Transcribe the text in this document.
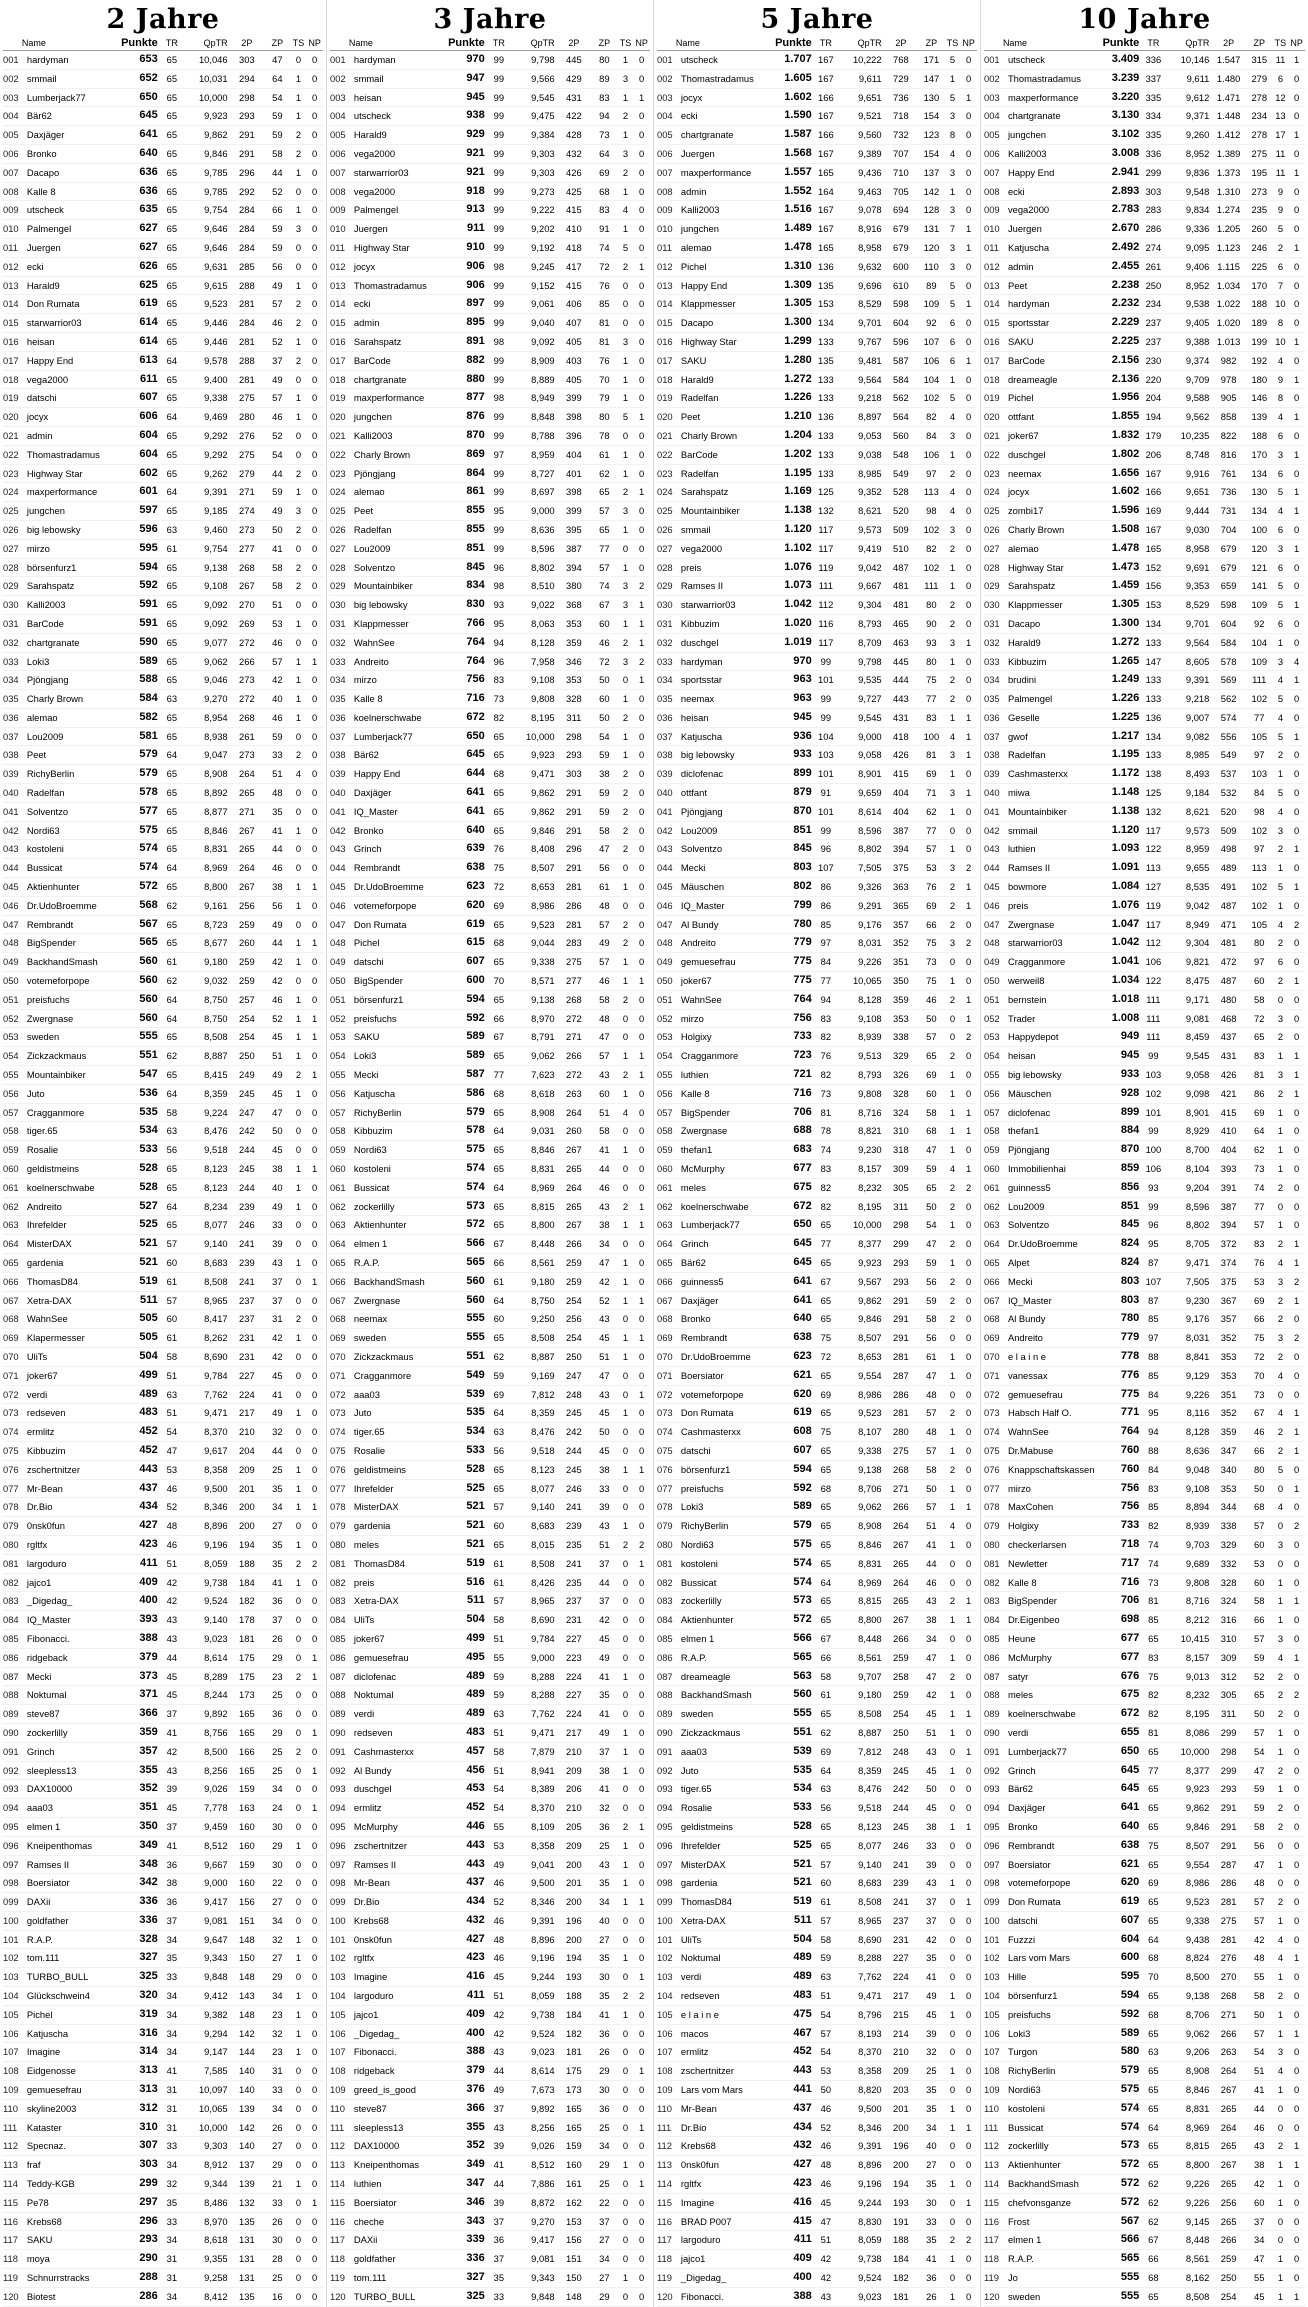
2 Jahre
	Name	Punkte	TR	QpTR	2P	ZP	TS	NP
001	hardyman	653	65	10,046	303	47	0	0
002	smmail	652	65	10,031	294	64	1	0
003	Lumberjack77	650	65	10,000	298	54	1	0
004	Bär62	645	65	9,923	293	59	1	0
005	Daxjäger	641	65	9,862	291	59	2	0
006	Bronko	640	65	9,846	291	58	2	0
007	Dacapo	636	65	9,785	296	44	1	0
008	Kalle 8	636	65	9,785	292	52	0	0
009	utscheck	635	65	9,754	284	66	1	0
010	Palmengel	627	65	9,646	284	59	3	0
011	Juergen	627	65	9,646	284	59	0	0
012	ecki	626	65	9,631	285	56	0	0
013	Harald9	625	65	9,615	288	49	1	0
014	Don Rumata	619	65	9,523	281	57	2	0
015	starwarrior03	614	65	9,446	284	46	2	0
016	heisan	614	65	9,446	281	52	1	0
017	Happy End	613	64	9,578	288	37	2	0
018	vega2000	611	65	9,400	281	49	0	0
019	datschi	607	65	9,338	275	57	1	0
020	jocyx	606	64	9,469	280	46	1	0
021	admin	604	65	9,292	276	52	0	0
022	Thomastradamus	604	65	9,292	275	54	0	0
023	Highway Star	602	65	9,262	279	44	2	0
024	maxperformance	601	64	9,391	271	59	1	0
025	jungchen	597	65	9,185	274	49	3	0
026	big lebowsky	596	63	9,460	273	50	2	0
027	mirzo	595	61	9,754	277	41	0	0
028	börsenfurz1	594	65	9,138	268	58	2	0
029	Sarahspatz	592	65	9,108	267	58	2	0
030	Kalli2003	591	65	9,092	270	51	0	0
031	BarCode	591	65	9,092	269	53	1	0
032	chartgranate	590	65	9,077	272	46	0	0
033	Loki3	589	65	9,062	266	57	1	1
034	Pjöngjang	588	65	9,046	273	42	1	0
035	Charly Brown	584	63	9,270	272	40	1	0
036	alemao	582	65	8,954	268	46	1	0
037	Lou2009	581	65	8,938	261	59	0	0
038	Peet	579	64	9,047	273	33	2	0
039	RichyBerlin	579	65	8,908	264	51	4	0
040	Radelfan	578	65	8,892	265	48	0	0
041	Solventzo	577	65	8,877	271	35	0	0
042	Nordi63	575	65	8,846	267	41	1	0
043	kostoleni	574	65	8,831	265	44	0	0
044	Bussicat	574	64	8,969	264	46	0	0
045	Aktienhunter	572	65	8,800	267	38	1	1
046	Dr.UdoBroemme	568	62	9,161	256	56	1	0
047	Rembrandt	567	65	8,723	259	49	0	0
048	BigSpender	565	65	8,677	260	44	1	1
049	BackhandSmash	560	61	9,180	259	42	1	0
050	votemeforpope	560	62	9,032	259	42	0	0
051	preisfuchs	560	64	8,750	257	46	1	0
052	Zwergnase	560	64	8,750	254	52	1	1
053	sweden	555	65	8,508	254	45	1	1
054	Zickzackmaus	551	62	8,887	250	51	1	0
055	Mountainbiker	547	65	8,415	249	49	2	1
056	Juto	536	64	8,359	245	45	1	0
057	Cragganmore	535	58	9,224	247	47	0	0
058	tiger.65	534	63	8,476	242	50	0	0
059	Rosalie	533	56	9,518	244	45	0	0
060	geldistmeins	528	65	8,123	245	38	1	1
061	koelnerschwabe	528	65	8,123	244	40	1	0
062	Andreito	527	64	8,234	239	49	1	0
063	Ihrefelder	525	65	8,077	246	33	0	0
064	MisterDAX	521	57	9,140	241	39	0	0
065	gardenia	521	60	8,683	239	43	1	0
066	ThomasD84	519	61	8,508	241	37	0	1
067	Xetra-DAX	511	57	8,965	237	37	0	0
068	WahnSee	505	60	8,417	237	31	2	0
069	Klapermesser	505	61	8,262	231	42	1	0
070	UliTs	504	58	8,690	231	42	0	0
071	joker67	499	51	9,784	227	45	0	0
072	verdi	489	63	7,762	224	41	0	0
073	redseven	483	51	9,471	217	49	1	0
074	ermlitz	452	54	8,370	210	32	0	0
075	Kibbuzim	452	47	9,617	204	44	0	0
076	zschertnitzer	443	53	8,358	209	25	1	0
077	Mr-Bean	437	46	9,500	201	35	1	0
078	Dr.Bio	434	52	8,346	200	34	1	1
079	0nsk0fun	427	48	8,896	200	27	0	0
080	rgltfx	423	46	9,196	194	35	1	0
081	largoduro	411	51	8,059	188	35	2	2
082	jajco1	409	42	9,738	184	41	1	0
083	_Digedag_	400	42	9,524	182	36	0	0
084	IQ_Master	393	43	9,140	178	37	0	0
085	Fibonacci.	388	43	9,023	181	26	0	0
086	ridgeback	379	44	8,614	175	29	0	1
087	Mecki	373	45	8,289	175	23	2	1
088	Noktumal	371	45	8,244	173	25	0	0
089	steve87	366	37	9,892	165	36	0	0
090	zockerlilly	359	41	8,756	165	29	0	1
091	Grinch	357	42	8,500	166	25	2	0
092	sleepless13	355	43	8,256	165	25	0	1
093	DAX10000	352	39	9,026	159	34	0	0
094	aaa03	351	45	7,778	163	24	0	1
095	elmen 1	350	37	9,459	160	30	0	0
096	Kneipenthomas	349	41	8,512	160	29	1	0
097	Ramses II	348	36	9,667	159	30	0	0
098	Boersiator	342	38	9,000	160	22	0	0
099	DAXii	336	36	9,417	156	27	0	0
100	goldfather	336	37	9,081	151	34	0	0
101	R.A.P.	328	34	9,647	148	32	1	0
102	tom.111	327	35	9,343	150	27	1	0
103	TURBO_BULL	325	33	9,848	148	29	0	0
104	Glückschwein4	320	34	9,412	143	34	1	0
105	Pichel	319	34	9,382	148	23	1	0
106	Katjuscha	316	34	9,294	142	32	1	0
107	Imagine	314	34	9,147	144	23	1	0
108	Eidgenosse	313	41	7,585	140	31	0	0
109	gemuesefrau	313	31	10,097	140	33	0	0
110	skyline2003	312	31	10,065	139	34	0	0
111	Kataster	310	31	10,000	142	26	0	0
112	Specnaz.	307	33	9,303	140	27	0	0
113	fraf	303	34	8,912	137	29	0	0
114	Teddy-KGB	299	32	9,344	139	21	1	0
115	Pe78	297	35	8,486	132	33	0	1
116	Krebs68	296	33	8,970	135	26	0	0
117	SAKU	293	34	8,618	131	30	0	0
118	moya	290	31	9,355	131	28	0	0
119	Schnurrstracks	288	31	9,258	131	25	0	0
120	Biotest	286	34	8,412	135	16	0	0
3 Jahre
	Name	Punkte	TR	QpTR	2P	ZP	TS	NP
001	hardyman	970	99	9,798	445	80	1	0
002	smmail	947	99	9,566	429	89	3	0
003	heisan	945	99	9,545	431	83	1	1
004	utscheck	938	99	9,475	422	94	2	0
005	Harald9	929	99	9,384	428	73	1	0
006	vega2000	921	99	9,303	432	64	3	0
007	starwarrior03	921	99	9,303	426	69	2	0
008	vega2000	918	99	9,273	425	68	1	0
009	Palmengel	913	99	9,222	415	83	4	0
010	Juergen	911	99	9,202	410	91	1	0
011	Highway Star	910	99	9,192	418	74	5	0
012	jocyx	906	98	9,245	417	72	2	1
013	Thomastradamus	906	99	9,152	415	76	0	0
014	ecki	897	99	9,061	406	85	0	0
015	admin	895	99	9,040	407	81	0	0
016	Sarahspatz	891	98	9,092	405	81	3	0
017	BarCode	882	99	8,909	403	76	1	0
018	chartgranate	880	99	8,889	405	70	1	0
019	maxperformance	877	98	8,949	399	79	1	0
020	jungchen	876	99	8,848	398	80	5	1
021	Kalli2003	870	99	8,788	396	78	0	0
022	Charly Brown	869	97	8,959	404	61	1	0
023	Pjöngjang	864	99	8,727	401	62	1	0
024	alemao	861	99	8,697	398	65	2	1
025	Peet	855	95	9,000	399	57	3	0
026	Radelfan	855	99	8,636	395	65	1	0
027	Lou2009	851	99	8,596	387	77	0	0
028	Solventzo	845	96	8,802	394	57	1	0
029	Mountainbiker	834	98	8,510	380	74	3	2
030	big lebowsky	830	93	9,022	368	67	3	1
031	Klappmesser	766	95	8,063	353	60	1	1
032	WahnSee	764	94	8,128	359	46	2	1
033	Andreito	764	96	7,958	346	72	3	2
034	mirzo	756	83	9,108	353	50	0	1
035	Kalle 8	716	73	9,808	328	60	1	0
036	koelnerschwabe	672	82	8,195	311	50	2	0
037	Lumberjack77	650	65	10,000	298	54	1	0
038	Bär62	645	65	9,923	293	59	1	0
039	Happy End	644	68	9,471	303	38	2	0
040	Daxjäger	641	65	9,862	291	59	2	0
041	IQ_Master	641	65	9,862	291	59	2	0
042	Bronko	640	65	9,846	291	58	2	0
043	Grinch	639	76	8,408	296	47	2	0
044	Rembrandt	638	75	8,507	291	56	0	0
045	Dr.UdoBroemme	623	72	8,653	281	61	1	0
046	votemeforpope	620	69	8,986	286	48	0	0
047	Don Rumata	619	65	9,523	281	57	2	0
048	Pichel	615	68	9,044	283	49	2	0
049	datschi	607	65	9,338	275	57	1	0
050	BigSpender	600	70	8,571	277	46	1	1
051	börsenfurz1	594	65	9,138	268	58	2	0
052	preisfuchs	592	66	8,970	272	48	0	0
053	SAKU	589	67	8,791	271	47	0	0
054	Loki3	589	65	9,062	266	57	1	1
055	Mecki	587	77	7,623	272	43	2	1
056	Katjuscha	586	68	8,618	263	60	1	0
057	RichyBerlin	579	65	8,908	264	51	4	0
058	Kibbuzim	578	64	9,031	260	58	0	0
059	Nordi63	575	65	8,846	267	41	1	0
060	kostoleni	574	65	8,831	265	44	0	0
061	Bussicat	574	64	8,969	264	46	0	0
062	zockerlilly	573	65	8,815	265	43	2	1
063	Aktienhunter	572	65	8,800	267	38	1	1
064	elmen 1	566	67	8,448	266	34	0	0
065	R.A.P.	565	66	8,561	259	47	1	0
066	BackhandSmash	560	61	9,180	259	42	1	0
067	Zwergnase	560	64	8,750	254	52	1	1
068	neemax	555	60	9,250	256	43	0	0
069	sweden	555	65	8,508	254	45	1	1
070	Zickzackmaus	551	62	8,887	250	51	1	0
071	Cragganmore	549	59	9,169	247	47	0	0
072	aaa03	539	69	7,812	248	43	0	1
073	Juto	535	64	8,359	245	45	1	0
074	tiger.65	534	63	8,476	242	50	0	0
075	Rosalie	533	56	9,518	244	45	0	0
076	geldistmeins	528	65	8,123	245	38	1	1
077	Ihrefelder	525	65	8,077	246	33	0	0
078	MisterDAX	521	57	9,140	241	39	0	0
079	gardenia	521	60	8,683	239	43	1	0
080	meles	521	65	8,015	235	51	2	2
081	ThomasD84	519	61	8,508	241	37	0	1
082	preis	516	61	8,426	235	44	0	0
083	Xetra-DAX	511	57	8,965	237	37	0	0
084	UliTs	504	58	8,690	231	42	0	0
085	joker67	499	51	9,784	227	45	0	0
086	gemuesefrau	495	55	9,000	223	49	0	0
087	diclofenac	489	59	8,288	224	41	1	0
088	Noktumal	489	59	8,288	227	35	0	0
089	verdi	489	63	7,762	224	41	0	0
090	redseven	483	51	9,471	217	49	1	0
091	Cashmasterxx	457	58	7,879	210	37	1	0
092	Al Bundy	456	51	8,941	209	38	1	0
093	duschgel	453	54	8,389	206	41	0	0
094	ermlitz	452	54	8,370	210	32	0	0
095	McMurphy	446	55	8,109	205	36	2	1
096	zschertnitzer	443	53	8,358	209	25	1	0
097	Ramses II	443	49	9,041	200	43	1	0
098	Mr-Bean	437	46	9,500	201	35	1	0
099	Dr.Bio	434	52	8,346	200	34	1	1
100	Krebs68	432	46	9,391	196	40	0	0
101	0nsk0fun	427	48	8,896	200	27	0	0
102	rgltfx	423	46	9,196	194	35	1	0
103	Imagine	416	45	9,244	193	30	0	1
104	largoduro	411	51	8,059	188	35	2	2
105	jajco1	409	42	9,738	184	41	1	0
106	_Digedag_	400	42	9,524	182	36	0	0
107	Fibonacci.	388	43	9,023	181	26	0	0
108	ridgeback	379	44	8,614	175	29	0	1
109	greed_is_good	376	49	7,673	173	30	0	0
110	steve87	366	37	9,892	165	36	0	0
111	sleepless13	355	43	8,256	165	25	0	1
112	DAX10000	352	39	9,026	159	34	0	0
113	Kneipenthomas	349	41	8,512	160	29	1	0
114	luthien	347	44	7,886	161	25	0	1
115	Boersiator	346	39	8,872	162	22	0	0
116	cheche	343	37	9,270	153	37	0	0
117	DAXii	339	36	9,417	156	27	0	0
118	goldfather	336	37	9,081	151	34	0	0
119	tom.111	327	35	9,343	150	27	1	0
120	TURBO_BULL	325	33	9,848	148	29	0	0
5 Jahre
	Name	Punkte	TR	QpTR	2P	ZP	TS	NP
001	utscheck	1.707	167	10,222	768	171	5	0
002	Thomastradamus	1.605	167	9,611	729	147	1	0
003	jocyx	1.602	166	9,651	736	130	5	1
004	ecki	1.590	167	9,521	718	154	3	0
005	chartgranate	1.587	166	9,560	732	123	8	0
006	Juergen	1.568	167	9,389	707	154	4	0
007	maxperformance	1.557	165	9,436	710	137	3	0
008	admin	1.552	164	9,463	705	142	1	0
009	Kalli2003	1.516	167	9,078	694	128	3	0
010	jungchen	1.489	167	8,916	679	131	7	1
011	alemao	1.478	165	8,958	679	120	3	1
012	Pichel	1.310	136	9,632	600	110	3	0
013	Happy End	1.309	135	9,696	610	89	5	0
014	Klappmesser	1.305	153	8,529	598	109	5	1
015	Dacapo	1.300	134	9,701	604	92	6	0
016	Highway Star	1.299	133	9,767	596	107	6	0
017	SAKU	1.280	135	9,481	587	106	6	1
018	Harald9	1.272	133	9,564	584	104	1	0
019	Radelfan	1.226	133	9,218	562	102	5	0
020	Peet	1.210	136	8,897	564	82	4	0
021	Charly Brown	1.204	133	9,053	560	84	3	0
022	BarCode	1.202	133	9,038	548	106	1	0
023	Radelfan	1.195	133	8,985	549	97	2	0
024	Sarahspatz	1.169	125	9,352	528	113	4	0
025	Mountainbiker	1.138	132	8,621	520	98	4	0
026	smmail	1.120	117	9,573	509	102	3	0
027	vega2000	1.102	117	9,419	510	82	2	0
028	preis	1.076	119	9,042	487	102	1	0
029	Ramses II	1.073	111	9,667	481	111	1	0
030	starwarrior03	1.042	112	9,304	481	80	2	0
031	Kibbuzim	1.020	116	8,793	465	90	2	0
032	duschgel	1.019	117	8,709	463	93	3	1
033	hardyman	970	99	9,798	445	80	1	0
034	sportsstar	963	101	9,535	444	75	2	0
035	neemax	963	99	9,727	443	77	2	0
036	heisan	945	99	9,545	431	83	1	1
037	Katjuscha	936	104	9,000	418	100	4	1
038	big lebowsky	933	103	9,058	426	81	3	1
039	diclofenac	899	101	8,901	415	69	1	0
040	ottfant	879	91	9,659	404	71	3	1
041	Pjöngjang	870	101	8,614	404	62	1	0
042	Lou2009	851	99	8,596	387	77	0	0
043	Solventzo	845	96	8,802	394	57	1	0
044	Mecki	803	107	7,505	375	53	3	2
045	Mäuschen	802	86	9,326	363	76	2	1
046	IQ_Master	799	86	9,291	365	69	2	1
047	Al Bundy	780	85	9,176	357	66	2	0
048	Andreito	779	97	8,031	352	75	3	2
049	gemuesefrau	775	84	9,226	351	73	0	0
050	joker67	775	77	10,065	350	75	1	0
051	WahnSee	764	94	8,128	359	46	2	1
052	mirzo	756	83	9,108	353	50	0	1
053	Holgixy	733	82	8,939	338	57	0	2
054	Cragganmore	723	76	9,513	329	65	2	0
055	luthien	721	82	8,793	326	69	1	0
056	Kalle 8	716	73	9,808	328	60	1	0
057	BigSpender	706	81	8,716	324	58	1	1
058	Zwergnase	688	78	8,821	310	68	1	1
059	thefan1	683	74	9,230	318	47	1	0
060	McMurphy	677	83	8,157	309	59	4	1
061	meles	675	82	8,232	305	65	2	2
062	koelnerschwabe	672	82	8,195	311	50	2	0
063	Lumberjack77	650	65	10,000	298	54	1	0
064	Grinch	645	77	8,377	299	47	2	0
065	Bär62	645	65	9,923	293	59	1	0
066	guinness5	641	67	9,567	293	56	2	0
067	Daxjäger	641	65	9,862	291	59	2	0
068	Bronko	640	65	9,846	291	58	2	0
069	Rembrandt	638	75	8,507	291	56	0	0
070	Dr.UdoBroemme	623	72	8,653	281	61	1	0
071	Boersiator	621	65	9,554	287	47	1	0
072	votemeforpope	620	69	8,986	286	48	0	0
073	Don Rumata	619	65	9,523	281	57	2	0
074	Cashmasterxx	608	75	8,107	280	48	1	0
075	datschi	607	65	9,338	275	57	1	0
076	börsenfurz1	594	65	9,138	268	58	2	0
077	preisfuchs	592	68	8,706	271	50	1	0
078	Loki3	589	65	9,062	266	57	1	1
079	RichyBerlin	579	65	8,908	264	51	4	0
080	Nordi63	575	65	8,846	267	41	1	0
081	kostoleni	574	65	8,831	265	44	0	0
082	Bussicat	574	64	8,969	264	46	0	0
083	zockerlilly	573	65	8,815	265	43	2	1
084	Aktienhunter	572	65	8,800	267	38	1	1
085	elmen 1	566	67	8,448	266	34	0	0
086	R.A.P.	565	66	8,561	259	47	1	0
087	dreameagle	563	58	9,707	258	47	2	0
088	BackhandSmash	560	61	9,180	259	42	1	0
089	sweden	555	65	8,508	254	45	1	1
090	Zickzackmaus	551	62	8,887	250	51	1	0
091	aaa03	539	69	7,812	248	43	0	1
092	Juto	535	64	8,359	245	45	1	0
093	tiger.65	534	63	8,476	242	50	0	0
094	Rosalie	533	56	9,518	244	45	0	0
095	geldistmeins	528	65	8,123	245	38	1	1
096	Ihrefelder	525	65	8,077	246	33	0	0
097	MisterDAX	521	57	9,140	241	39	0	0
098	gardenia	521	60	8,683	239	43	1	0
099	ThomasD84	519	61	8,508	241	37	0	1
100	Xetra-DAX	511	57	8,965	237	37	0	0
101	UliTs	504	58	8,690	231	42	0	0
102	Noktumal	489	59	8,288	227	35	0	0
103	verdi	489	63	7,762	224	41	0	0
104	redseven	483	51	9,471	217	49	1	0
105	e l a i n e	475	54	8,796	215	45	1	0
106	macos	467	57	8,193	214	39	0	0
107	ermlitz	452	54	8,370	210	32	0	0
108	zschertnitzer	443	53	8,358	209	25	1	0
109	Lars vom Mars	441	50	8,820	203	35	0	0
110	Mr-Bean	437	46	9,500	201	35	1	0
111	Dr.Bio	434	52	8,346	200	34	1	1
112	Krebs68	432	46	9,391	196	40	0	0
113	0nsk0fun	427	48	8,896	200	27	0	0
114	rgltfx	423	46	9,196	194	35	1	0
115	Imagine	416	45	9,244	193	30	0	1
116	BRAD P007	415	47	8,830	191	33	0	0
117	largoduro	411	51	8,059	188	35	2	2
118	jajco1	409	42	9,738	184	41	1	0
119	_Digedag_	400	42	9,524	182	36	0	0
120	Fibonacci.	388	43	9,023	181	26	1	0
10 Jahre
	Name	Punkte	TR	QpTR	2P	ZP	TS	NP
001	utscheck	3.409	336	10,146	1.547	315	11	1
002	Thomastradamus	3.239	337	9,611	1.480	279	6	0
003	maxperformance	3.220	335	9,612	1.471	278	12	0
004	chartgranate	3.130	334	9,371	1.448	234	13	0
005	jungchen	3.102	335	9,260	1.412	278	17	1
006	Kalli2003	3.008	336	8,952	1.389	275	11	0
007	Happy End	2.941	299	9,836	1.373	195	11	1
008	ecki	2.893	303	9,548	1.310	273	9	0
009	vega2000	2.783	283	9,834	1.274	235	9	0
010	Juergen	2.670	286	9,336	1.205	260	5	0
011	Katjuscha	2.492	274	9,095	1.123	246	2	1
012	admin	2.455	261	9,406	1.115	225	6	0
013	Peet	2.238	250	8,952	1.034	170	7	0
014	hardyman	2.232	234	9,538	1.022	188	10	0
015	sportsstar	2.229	237	9,405	1.020	189	8	0
016	SAKU	2.225	237	9,388	1.013	199	10	1
017	BarCode	2.156	230	9,374	982	192	4	0
018	dreameagle	2.136	220	9,709	978	180	9	1
019	Pichel	1.956	204	9,588	905	146	8	0
020	ottfant	1.855	194	9,562	858	139	4	1
021	joker67	1.832	179	10,235	822	188	6	0
022	duschgel	1.802	206	8,748	816	170	3	1
023	neemax	1.656	167	9,916	761	134	6	0
024	jocyx	1.602	166	9,651	736	130	5	1
025	zombi17	1.596	169	9,444	731	134	4	1
026	Charly Brown	1.508	167	9,030	704	100	6	0
027	alemao	1.478	165	8,958	679	120	3	1
028	Highway Star	1.473	152	9,691	679	121	6	0
029	Sarahspatz	1.459	156	9,353	659	141	5	0
030	Klappmesser	1.305	153	8,529	598	109	5	1
031	Dacapo	1.300	134	9,701	604	92	6	0
032	Harald9	1.272	133	9,564	584	104	1	0
033	Kibbuzim	1.265	147	8,605	578	109	3	4
034	brudini	1.249	133	9,391	569	111	4	1
035	Palmengel	1.226	133	9,218	562	102	5	0
036	Geselle	1.225	136	9,007	574	77	4	0
037	gwof	1.217	134	9,082	556	105	5	1
038	Radelfan	1.195	133	8,985	549	97	2	0
039	Cashmasterxx	1.172	138	8,493	537	103	1	0
040	miwa	1.148	125	9,184	532	84	5	0
041	Mountainbiker	1.138	132	8,621	520	98	4	0
042	smmail	1.120	117	9,573	509	102	3	0
043	luthien	1.093	122	8,959	498	97	2	1
044	Ramses II	1.091	113	9,655	489	113	1	0
045	bowmore	1.084	127	8,535	491	102	5	1
046	preis	1.076	119	9,042	487	102	1	0
047	Zwergnase	1.047	117	8,949	471	105	4	2
048	starwarrior03	1.042	112	9,304	481	80	2	0
049	Cragganmore	1.041	106	9,821	472	97	6	0
050	werweil8	1.034	122	8,475	487	60	2	1
051	bernstein	1.018	111	9,171	480	58	0	0
052	Trader	1.008	111	9,081	468	72	3	0
053	Happydepot	949	111	8,459	437	65	2	0
054	heisan	945	99	9,545	431	83	1	1
055	big lebowsky	933	103	9,058	426	81	3	1
056	Mäuschen	928	102	9,098	421	86	2	1
057	diclofenac	899	101	8,901	415	69	1	0
058	thefan1	884	99	8,929	410	64	1	0
059	Pjöngjang	870	100	8,700	404	62	1	0
060	Immobilienhai	859	106	8,104	393	73	1	0
061	guinness5	856	93	9,204	391	74	2	0
062	Lou2009	851	99	8,596	387	77	0	0
063	Solventzo	845	96	8,802	394	57	1	0
064	Dr.UdoBroemme	824	95	8,705	372	83	2	1
065	Alpet	824	87	9,471	374	76	4	1
066	Mecki	803	107	7,505	375	53	3	2
067	IQ_Master	803	87	9,230	367	69	2	1
068	Al Bundy	780	85	9,176	357	66	2	0
069	Andreito	779	97	8,031	352	75	3	2
070	e l a i n e	778	88	8,841	353	72	2	0
071	vanessax	776	85	9,129	353	70	4	0
072	gemuesefrau	775	84	9,226	351	73	0	0
073	Habsch Half O.	771	95	8,116	352	67	4	1
074	WahnSee	764	94	8,128	359	46	2	1
075	Dr.Mabuse	760	88	8,636	347	66	2	1
076	Knappschaftskassen	760	84	9,048	340	80	5	0
077	mirzo	756	83	9,108	353	50	0	1
078	MaxCohen	756	85	8,894	344	68	4	0
079	Holgixy	733	82	8,939	338	57	0	2
080	checkerlarsen	718	74	9,703	329	60	3	0
081	Newletter	717	74	9,689	332	53	0	0
082	Kalle 8	716	73	9,808	328	60	1	0
083	BigSpender	706	81	8,716	324	58	1	1
084	Dr.Eigenbeo	698	85	8,212	316	66	1	0
085	Heune	677	65	10,415	310	57	3	0
086	McMurphy	677	83	8,157	309	59	4	1
087	satyr	676	75	9,013	312	52	2	0
088	meles	675	82	8,232	305	65	2	2
089	koelnerschwabe	672	82	8,195	311	50	2	0
090	verdi	655	81	8,086	299	57	1	0
091	Lumberjack77	650	65	10,000	298	54	1	0
092	Grinch	645	77	8,377	299	47	2	0
093	Bär62	645	65	9,923	293	59	1	0
094	Daxjäger	641	65	9,862	291	59	2	0
095	Bronko	640	65	9,846	291	58	2	0
096	Rembrandt	638	75	8,507	291	56	0	0
097	Boersiator	621	65	9,554	287	47	1	0
098	votemeforpope	620	69	8,986	286	48	0	0
099	Don Rumata	619	65	9,523	281	57	2	0
100	datschi	607	65	9,338	275	57	1	0
101	Fuzzzi	604	64	9,438	281	42	4	0
102	Lars vom Mars	600	68	8,824	276	48	4	1
103	Hille	595	70	8,500	270	55	1	0
104	börsenfurz1	594	65	9,138	268	58	2	0
105	preisfuchs	592	68	8,706	271	50	1	0
106	Loki3	589	65	9,062	266	57	1	1
107	Turgon	580	63	9,206	263	54	3	0
108	RichyBerlin	579	65	8,908	264	51	4	0
109	Nordi63	575	65	8,846	267	41	1	0
110	kostoleni	574	65	8,831	265	44	0	0
111	Bussicat	574	64	8,969	264	46	0	0
112	zockerlilly	573	65	8,815	265	43	2	1
113	Aktienhunter	572	65	8,800	267	38	1	1
114	BackhandSmash	572	62	9,226	265	42	1	0
115	chefvonsganze	572	62	9,226	256	60	1	0
116	Frost	567	62	9,145	265	37	0	0
117	elmen 1	566	67	8,448	266	34	0	0
118	R.A.P.	565	66	8,561	259	47	1	0
119	Jo	555	68	8,162	250	55	1	0
120	sweden	555	65	8,508	254	45	1	1
